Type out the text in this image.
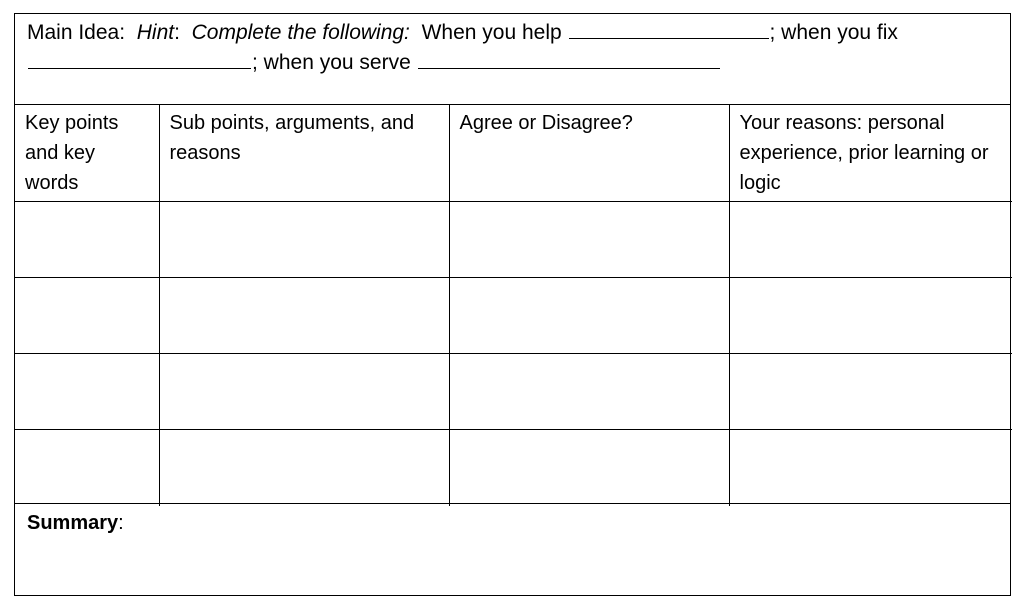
Main Idea: Hint: Complete the following: When you help	; when you fix
; when you serve
Key points and key words	Sub points, arguments, and reasons	Agree or Disagree?	Your reasons: personal experience, prior learning or logic

Summary:
